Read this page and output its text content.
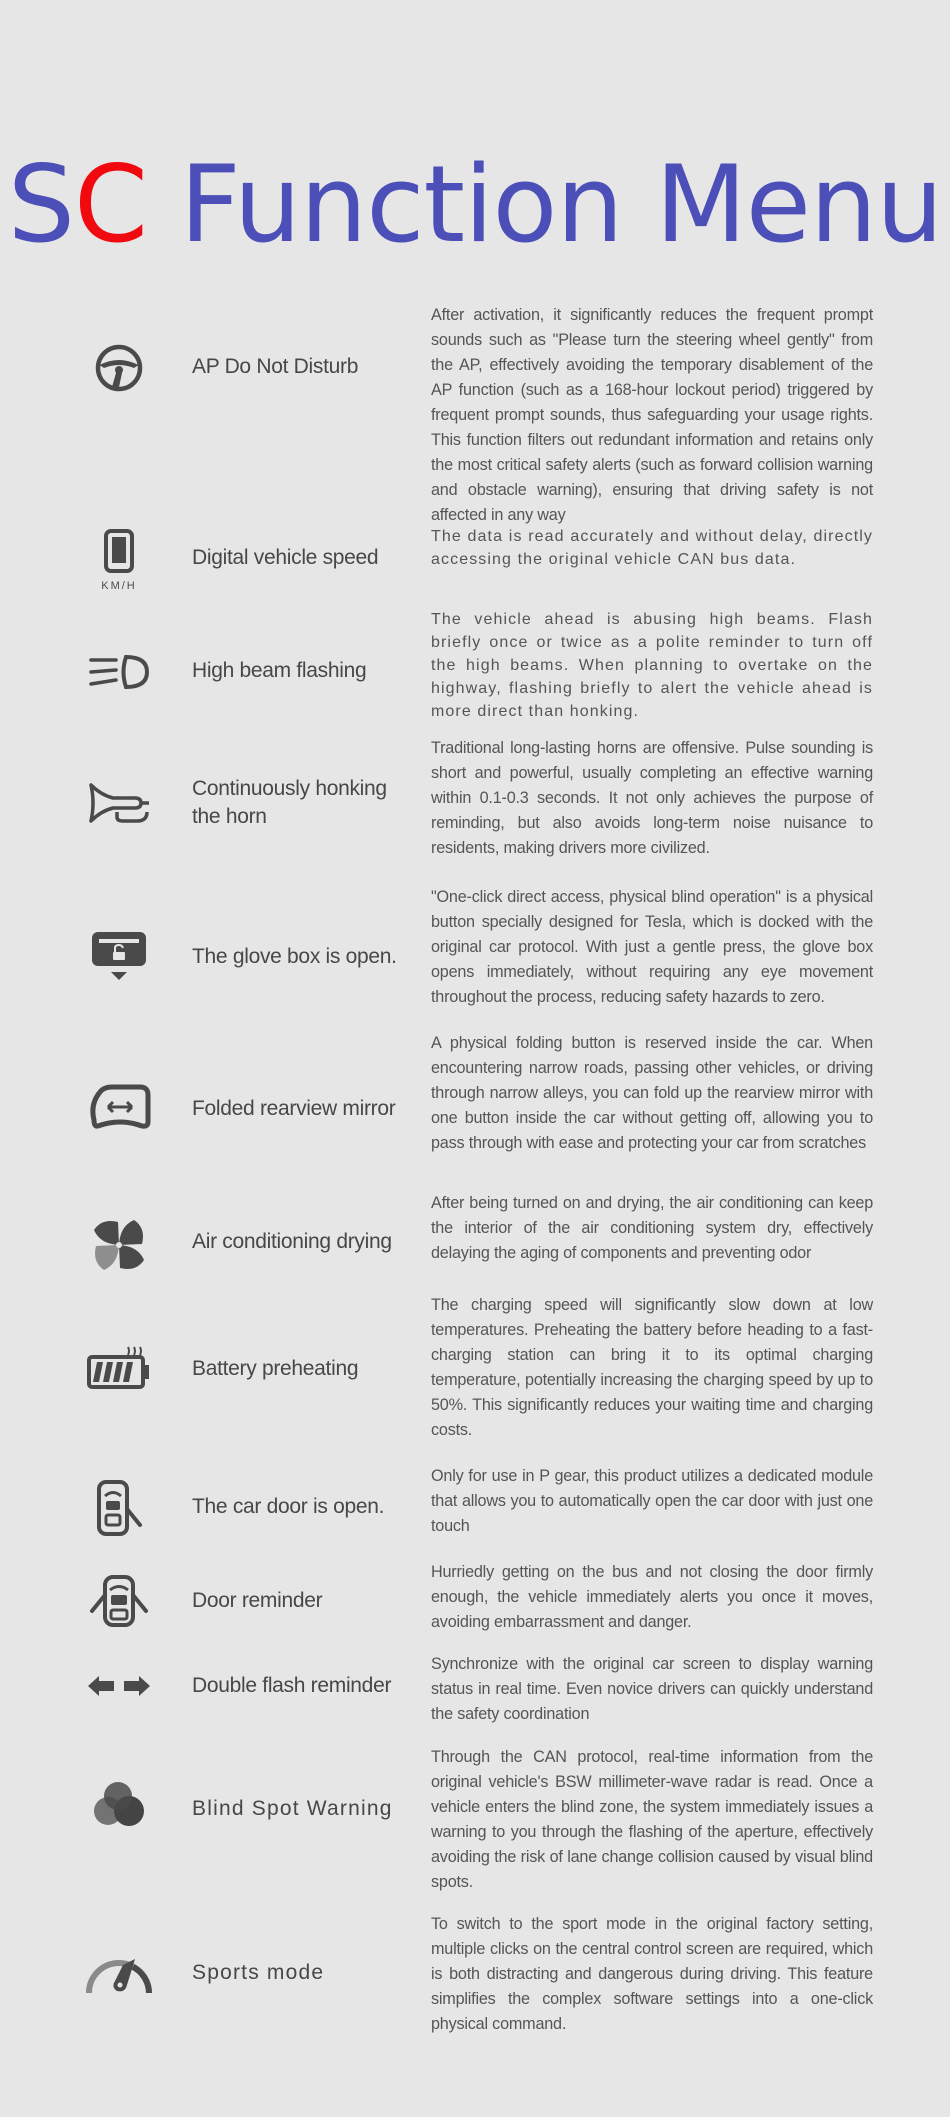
SC Function Menu
AP Do Not Disturb
After activation, it significantly reduces the frequent prompt sounds such as "Please turn the steering wheel gently" from the AP, effectively avoiding the temporary disablement of the AP function (such as a 168-hour lockout period) triggered by frequent prompt sounds, thus safeguarding your usage rights. This function filters out redundant information and retains only the most critical safety alerts (such as forward collision warning and obstacle warning), ensuring that driving safety is not affected in any way
KM/H
Digital vehicle speed
The data is read accurately and without delay, directly accessing the original vehicle CAN bus data.
High beam flashing
The vehicle ahead is abusing high beams. Flash briefly once or twice as a polite reminder to turn off the high beams. When planning to overtake on the highway, flashing briefly to alert the vehicle ahead is more direct than honking.
Continuously honking the horn
Traditional long-lasting horns are offensive. Pulse sounding is short and powerful, usually completing an effective warning within 0.1-0.3 seconds. It not only achieves the purpose of reminding, but also avoids long-term noise nuisance to residents, making drivers more civilized.
The glove box is open.
"One-click direct access, physical blind operation" is a physical button specially designed for Tesla, which is docked with the original car protocol. With just a gentle press, the glove box opens immediately, without requiring any eye movement throughout the process, reducing safety hazards to zero.
Folded rearview mirror
A physical folding button is reserved inside the car. When encountering narrow roads, passing other vehicles, or driving through narrow alleys, you can fold up the rearview mirror with one button inside the car without getting off, allowing you to pass through with ease and protecting your car from scratches
Air conditioning drying
After being turned on and drying, the air conditioning can keep the interior of the air conditioning system dry, effectively delaying the aging of components and preventing odor
Battery preheating
The charging speed will significantly slow down at low temperatures. Preheating the battery before heading to a fast-charging station can bring it to its optimal charging temperature, potentially increasing the charging speed by up to 50%. This significantly reduces your waiting time and charging costs.
The car door is open.
Only for use in P gear, this product utilizes a dedicated module that allows you to automatically open the car door with just one touch
Door reminder
Hurriedly getting on the bus and not closing the door firmly enough, the vehicle immediately alerts you once it moves, avoiding embarrassment and danger.
Double flash reminder
Synchronize with the original car screen to display warning status in real time. Even novice drivers can quickly understand the safety coordination
Blind Spot Warning
Through the CAN protocol, real-time information from the original vehicle's BSW millimeter-wave radar is read. Once a vehicle enters the blind zone, the system immediately issues a warning to you through the flashing of the aperture, effectively avoiding the risk of lane change collision caused by visual blind spots.
Sports mode
To switch to the sport mode in the original factory setting, multiple clicks on the central control screen are required, which is both distracting and dangerous during driving. This feature simplifies the complex software settings into a one-click physical command.
